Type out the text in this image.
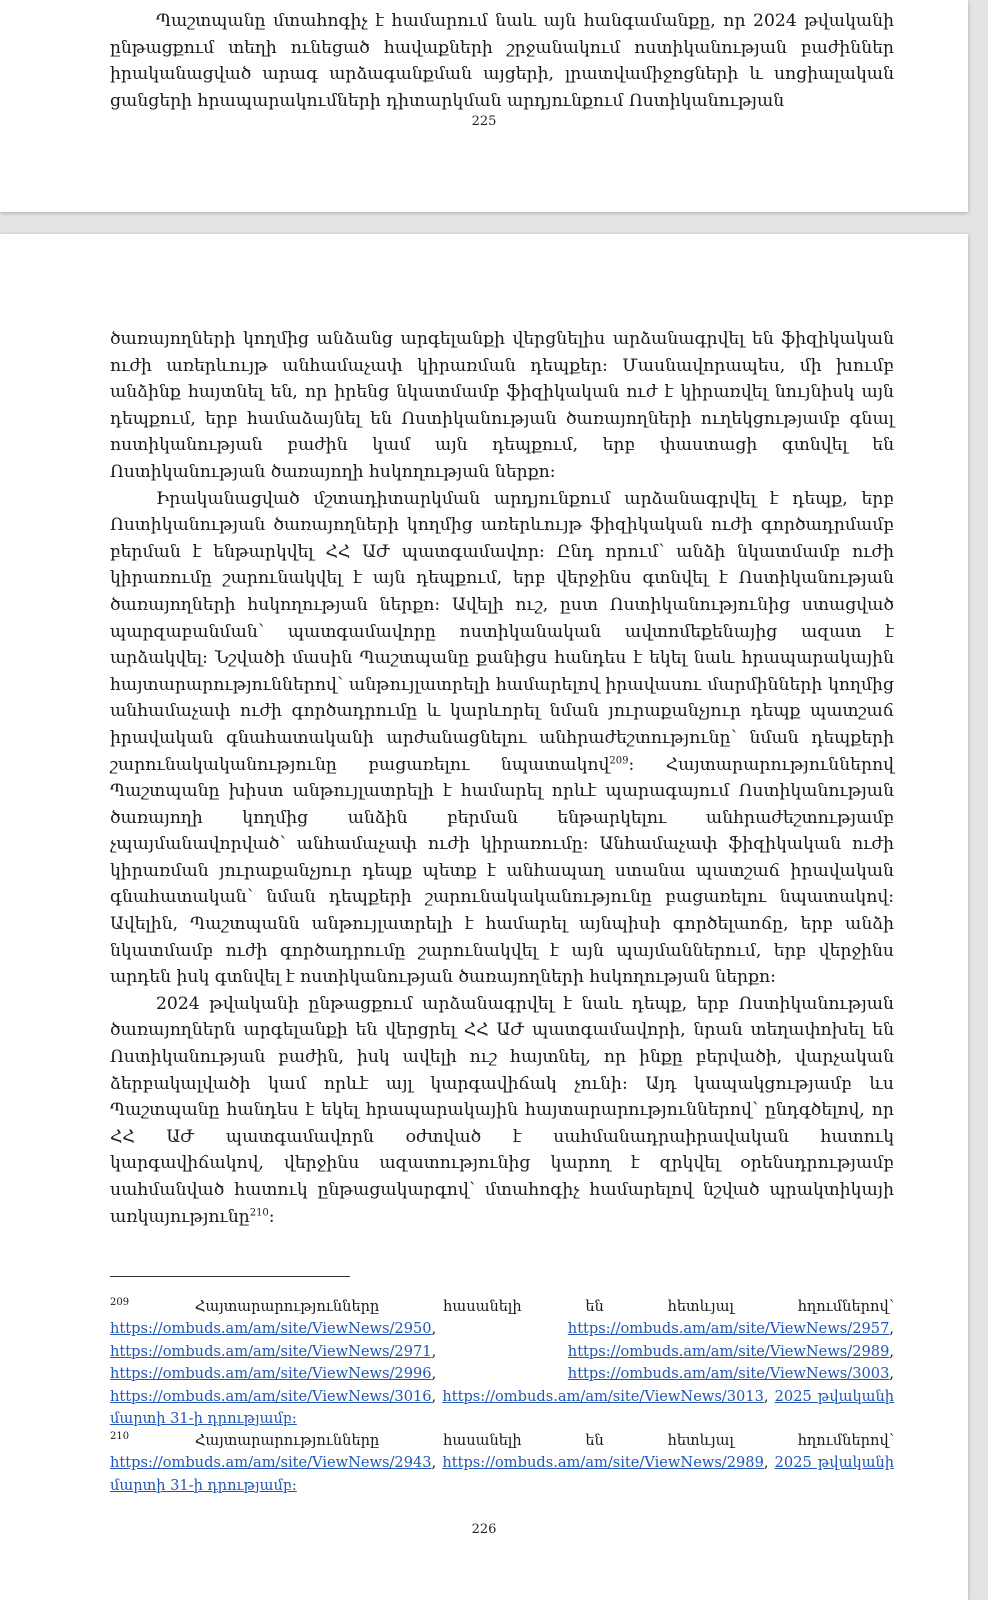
Պաշտպանը մտահոգիչ է համարում նաև այն հանգամանքը, որ 2024 թվականի ընթացքում տեղի ունեցած հավաքների շրջանակում ոստիկանության բաժիններ իրականացված արագ արձագանքման այցերի, լրատվամիջոցների և սոցիալական ցանցերի հրապարակումների դիտարկման արդյունքում Ոստիկանության

225

ծառայողների կողմից անձանց արգելանքի վերցնելիս արձանագրվել են ֆիզիկական ուժի առերևույթ անհամաչափ կիրառման դեպքեր: Մասնավորապես, մի խումբ անձինք հայտնել են, որ իրենց նկատմամբ ֆիզիկական ուժ է կիրառվել նույնիսկ այն դեպքում, երբ համաձայնել են Ոստիկանության ծառայողների ուղեկցությամբ գնալ ոստիկանության բաժին կամ այն դեպքում, երբ փաստացի գտնվել են Ոստիկանության ծառայողի հսկողության ներքո:

Իրականացված մշտադիտարկման արդյունքում արձանագրվել է դեպք, երբ Ոստիկանության ծառայողների կողմից առերևույթ ֆիզիկական ուժի գործադրմամբ բերման է ենթարկվել ՀՀ ԱԺ պատգամավոր: Ընդ որում՝ անձի նկատմամբ ուժի կիրառումը շարունակվել է այն դեպքում, երբ վերջինս գտնվել է Ոստիկանության ծառայողների հսկողության ներքո: Ավելի ուշ, ըստ Ոստիկանությունից ստացված պարզաբանման՝ պատգամավորը ոստիկանական ավտոմեքենայից ազատ է արձակվել: Նշվածի մասին Պաշտպանը քանիցս հանդես է եկել նաև հրապարակային հայտարարություններով՝ անթույլատրելի համարելով իրավասու մարմինների կողմից անհամաչափ ուժի գործադրումը և կարևորել նման յուրաքանչյուր դեպք պատշաճ իրավական գնահատականի արժանացնելու անհրաժեշտությունը՝ նման դեպքերի շարունակականությունը բացառելու նպատակով$^{209}$: Հայտարարություններով Պաշտպանը խիստ անթույլատրելի է համարել որևէ պարագայում Ոստիկանության ծառայողի կողմից անձին բերման ենթարկելու անհրաժեշտությամբ չպայմանավորված՝ անհամաչափ ուժի կիրառումը: Անհամաչափ ֆիզիկական ուժի կիրառման յուրաքանչյուր դեպք պետք է անհապաղ ստանա պատշաճ իրավական գնահատական՝ նման դեպքերի շարունակականությունը բացառելու նպատակով: Ավելին, Պաշտպանն անթույլատրելի է համարել այնպիսի գործելաոճը, երբ անձի նկատմամբ ուժի գործադրումը շարունակվել է այն պայմաններում, երբ վերջինս արդեն իսկ գտնվել է ոստիկանության ծառայողների հսկողության ներքո:

2024 թվականի ընթացքում արձանագրվել է նաև դեպք, երբ Ոստիկանության ծառայողներն արգելանքի են վերցրել ՀՀ ԱԺ պատգամավորի, նրան տեղափոխել են Ոստիկանության բաժին, իսկ ավելի ուշ հայտնել, որ ինքը բերվածի, վարչական ձերբակալվածի կամ որևէ այլ կարգավիճակ չունի: Այդ կապակցությամբ ևս Պաշտպանը հանդես է եկել հրապարակային հայտարարություններով՝ ընդգծելով, որ ՀՀ ԱԺ պատգամավորն օժտված է սահմանադրաիրավական հատուկ կարգավիճակով, վերջինս ազատությունից կարող է զրկվել օրենսդրությամբ սահմանված հատուկ ընթացակարգով՝ մտահոգիչ համարելով նշված պրակտիկայի առկայությունը$^{210}$:

$^{209}$	Հայտարարությունները հասանելի են հետևյալ հղումներով՝ https://ombuds.am/am/site/ViewNews/2950, https://ombuds.am/am/site/ViewNews/2957, https://ombuds.am/am/site/ViewNews/2971, https://ombuds.am/am/site/ViewNews/2989, https://ombuds.am/am/site/ViewNews/2996, https://ombuds.am/am/site/ViewNews/3003, https://ombuds.am/am/site/ViewNews/3016, https://ombuds.am/am/site/ViewNews/3013, 2025 թվականի մարտի 31-ի դրությամբ:

$^{210}$	Հայտարարությունները հասանելի են հետևյալ հղումներով՝ https://ombuds.am/am/site/ViewNews/2943, https://ombuds.am/am/site/ViewNews/2989, 2025 թվականի մարտի 31-ի դրությամբ:

226
